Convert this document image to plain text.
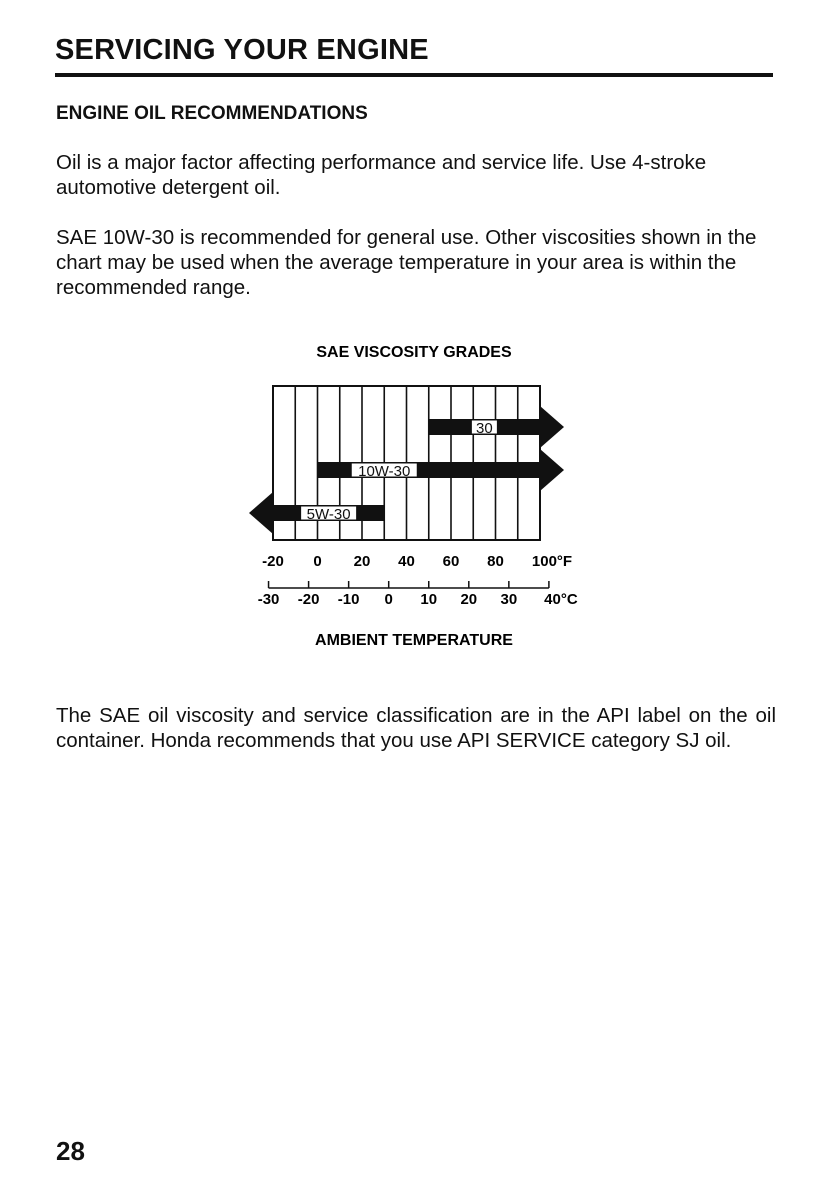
SERVICING YOUR ENGINE
ENGINE OIL RECOMMENDATIONS

Oil is a major factor affecting performance and service life. Use 4-stroke automotive detergent oil.

SAE 10W-30 is recommended for general use. Other viscosities shown in the chart may be used when the average temperature in your area is within the recommended range.

SAE VISCOSITY GRADES
30
10W-30
5W-30
-20 0 20 40 60 80 100°F
-30 -20 -10 0 10 20 30 40°C
AMBIENT TEMPERATURE

The SAE oil viscosity and service classification are in the API label on the oil container. Honda recommends that you use API SERVICE category SJ oil.

28
